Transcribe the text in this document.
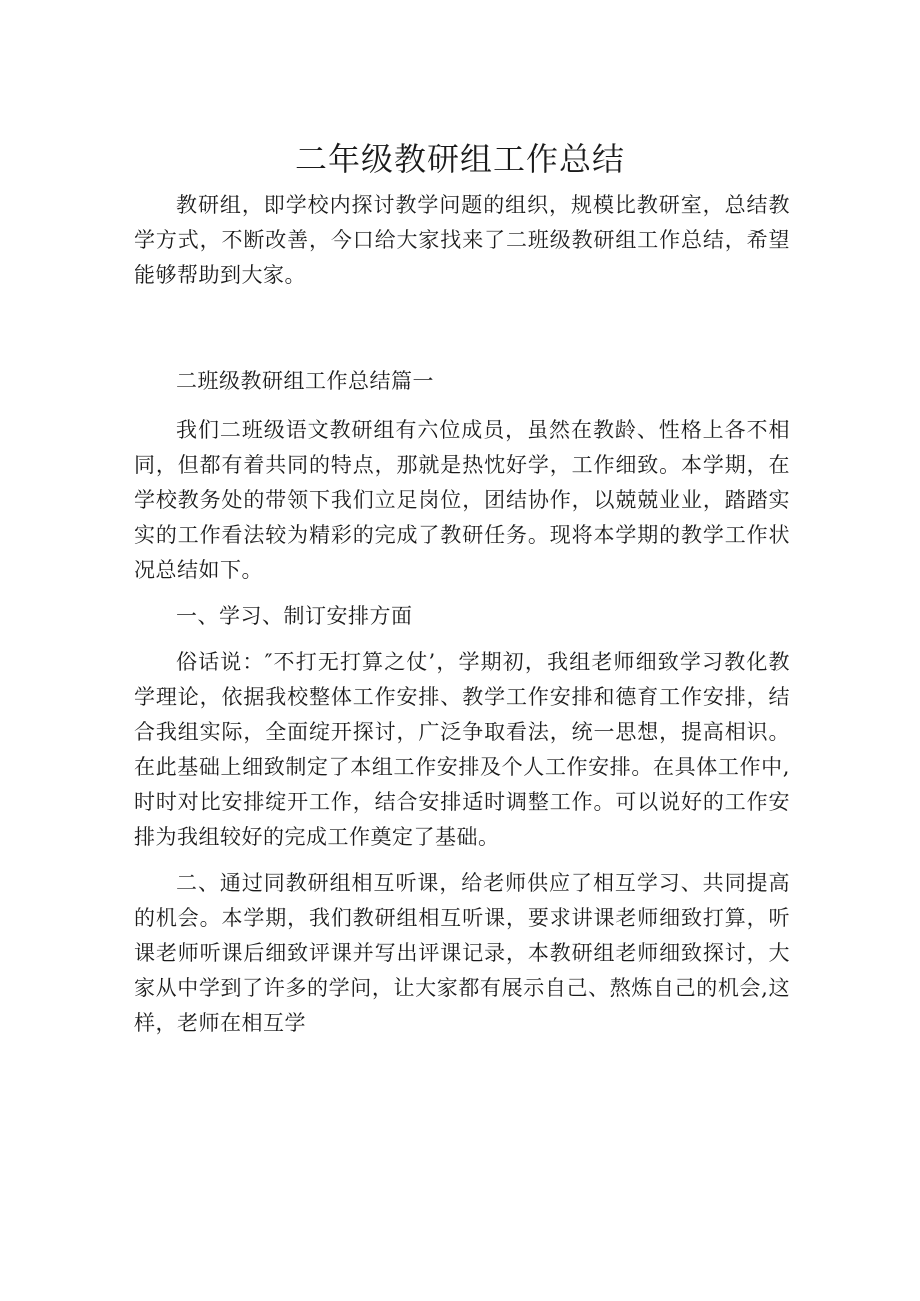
二年级教研组工作总结

教研组，即学校内探讨教学问题的组织，规模比教研室，总结教学方式，不断改善，今口给大家找来了二班级教研组工作总结，希望能够帮助到大家。

二班级教研组工作总结篇一

我们二班级语文教研组有六位成员，虽然在教龄、性格上各不相同，但都有着共同的特点，那就是热忱好学，工作细致。本学期，在学校教务处的带领下我们立足岗位，团结协作，以兢兢业业，踏踏实实的工作看法较为精彩的完成了教研任务。现将本学期的教学工作状况总结如下。

一、学习、制订安排方面

俗话说：″不打无打算之仗’，学期初，我组老师细致学习教化教学理论，依据我校整体工作安排、教学工作安排和德育工作安排，结合我组实际，全面绽开探讨，广泛争取看法，统一思想，提高相识。在此基础上细致制定了本组工作安排及个人工作安排。在具体工作中,时时对比安排绽开工作，结合安排适时调整工作。可以说好的工作安排为我组较好的完成工作奠定了基础。

二、通过同教研组相互听课，给老师供应了相互学习、共同提高的机会。本学期，我们教研组相互听课，要求讲课老师细致打算，听课老师听课后细致评课并写出评课记录，本教研组老师细致探讨，大家从中学到了许多的学问，让大家都有展示自己、熬炼自己的机会,这样，老师在相互学
